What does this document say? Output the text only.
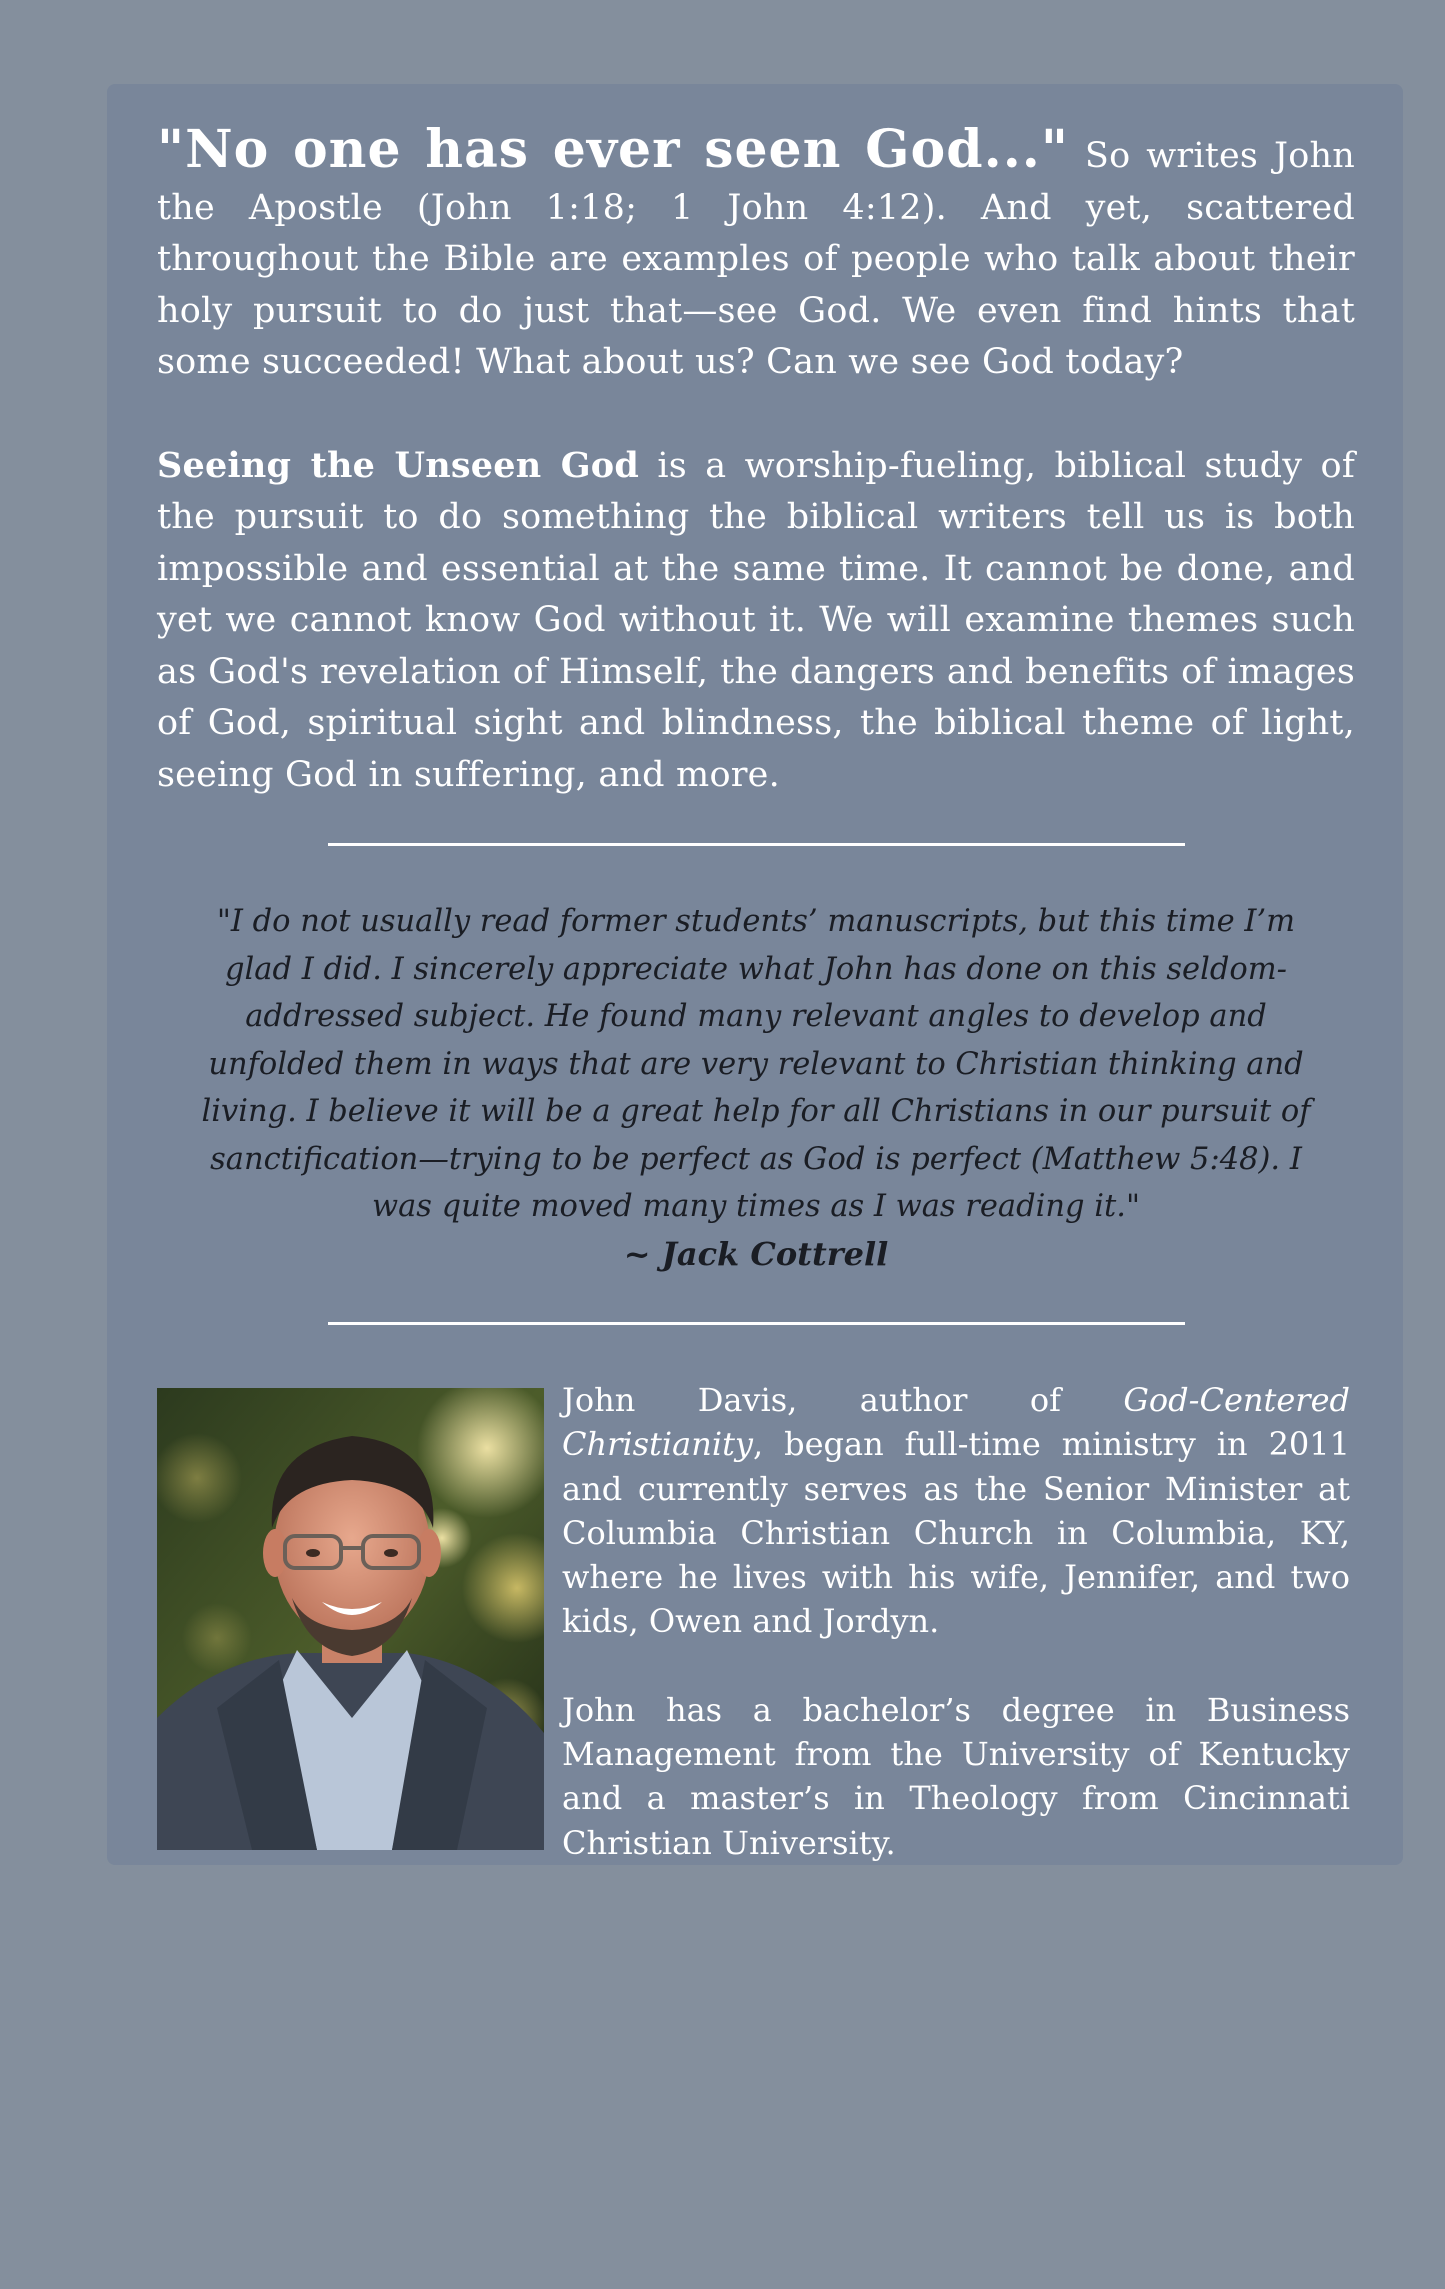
"No one has ever seen God..." So writes John the Apostle (John 1:18; 1 John 4:12). And yet, scattered throughout the Bible are examples of people who talk about their holy pursuit to do just that—see God. We even find hints that some succeeded! What about us? Can we see God today?

Seeing the Unseen God is a worship-fueling, biblical study of the pursuit to do something the biblical writers tell us is both impossible and essential at the same time. It cannot be done, and yet we cannot know God without it. We will examine themes such as God's revelation of Himself, the dangers and benefits of images of God, spiritual sight and blindness, the biblical theme of light, seeing God in suffering, and more.

"I do not usually read former students’ manuscripts, but this time I’m glad I did. I sincerely appreciate what John has done on this seldom-addressed subject. He found many relevant angles to develop and unfolded them in ways that are very relevant to Christian thinking and living. I believe it will be a great help for all Christians in our pursuit of sanctification—trying to be perfect as God is perfect (Matthew 5:48). I was quite moved many times as I was reading it."
~ Jack Cottrell

John Davis, author of God-Centered Christianity, began full-time ministry in 2011 and currently serves as the Senior Minister at Columbia Christian Church in Columbia, KY, where he lives with his wife, Jennifer, and two kids, Owen and Jordyn.

John has a bachelor’s degree in Business Management from the University of Kentucky and a master’s in Theology from Cincinnati Christian University.
